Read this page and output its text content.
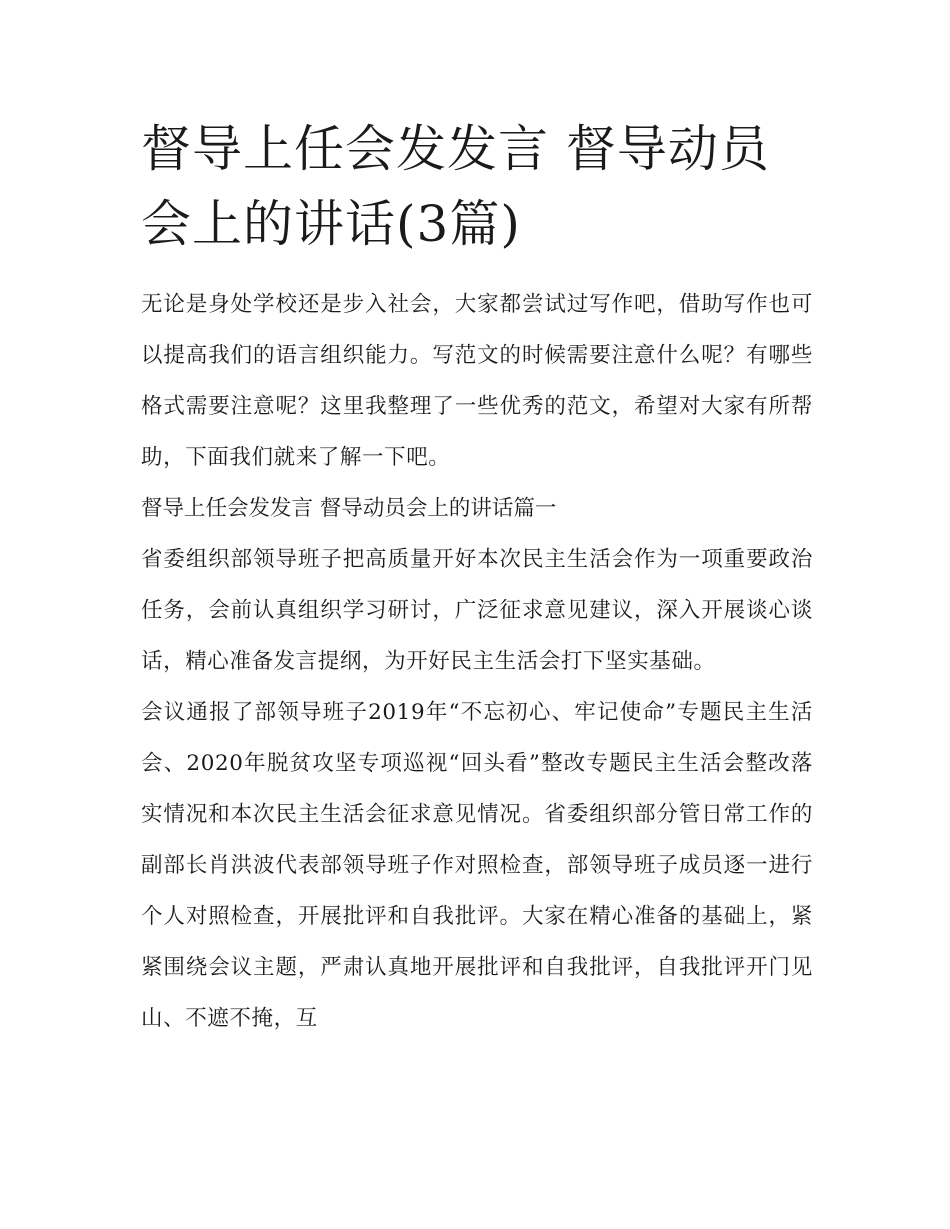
督导上任会发发言 督导动员会上的讲话(3篇)

无论是身处学校还是步入社会，大家都尝试过写作吧，借助写作也可以提高我们的语言组织能力。写范文的时候需要注意什么呢？有哪些格式需要注意呢？这里我整理了一些优秀的范文，希望对大家有所帮助，下面我们就来了解一下吧。

督导上任会发发言 督导动员会上的讲话篇一

省委组织部领导班子把高质量开好本次民主生活会作为一项重要政治任务，会前认真组织学习研讨，广泛征求意见建议，深入开展谈心谈话，精心准备发言提纲，为开好民主生活会打下坚实基础。

会议通报了部领导班子2019年“不忘初心、牢记使命”专题民主生活会、2020年脱贫攻坚专项巡视“回头看”整改专题民主生活会整改落实情况和本次民主生活会征求意见情况。省委组织部分管日常工作的副部长肖洪波代表部领导班子作对照检查，部领导班子成员逐一进行个人对照检查，开展批评和自我批评。大家在精心准备的基础上，紧紧围绕会议主题，严肃认真地开展批评和自我批评，自我批评开门见山、不遮不掩，互
